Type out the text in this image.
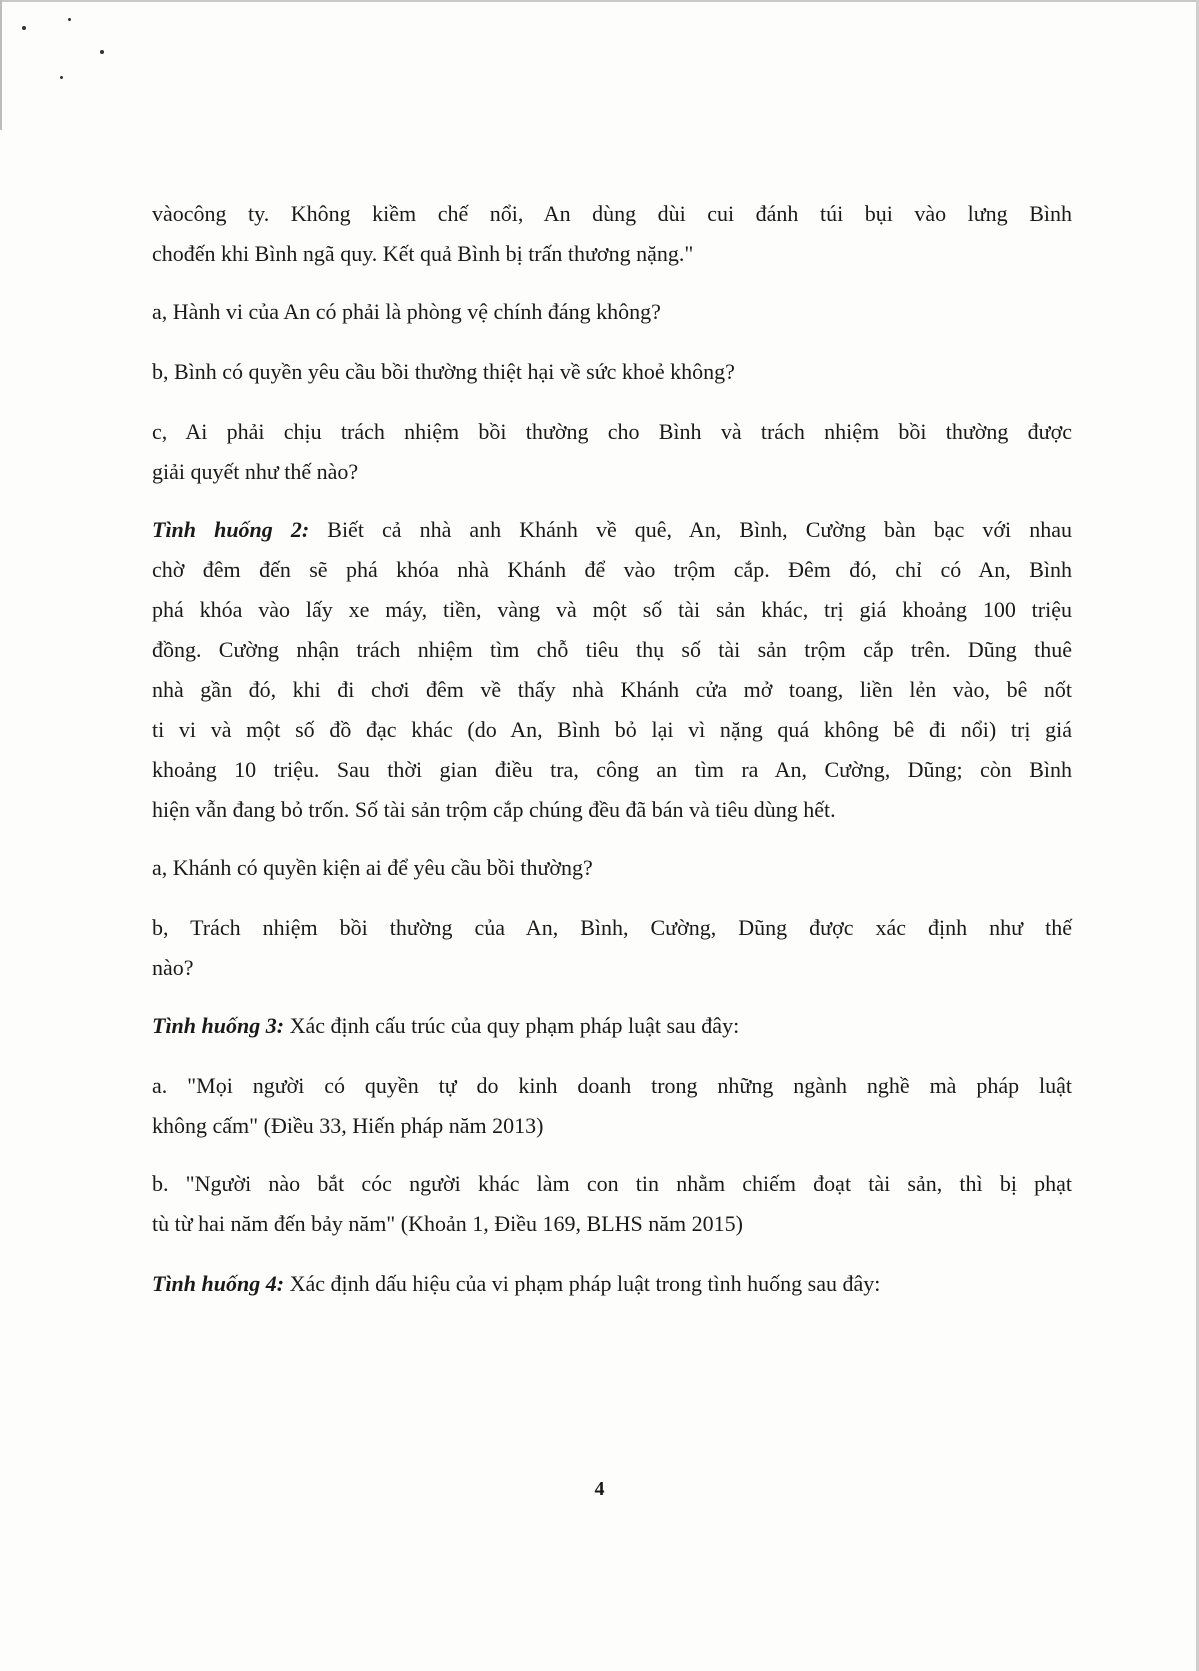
vàocông ty. Không kiềm chế nổi, An dùng dùi cui đánh túi bụi vào lưng Bình
chođến khi Bình ngã quy. Kết quả Bình bị trấn thương nặng."
a, Hành vi của An có phải là phòng vệ chính đáng không?
b, Bình có quyền yêu cầu bồi thường thiệt hại về sức khoẻ không?
c, Ai phải chịu trách nhiệm bồi thường cho Bình và trách nhiệm bồi thường được
giải quyết như thế nào?
Tình huống 2: Biết cả nhà anh Khánh về quê, An, Bình, Cường bàn bạc với nhau
chờ đêm đến sẽ phá khóa nhà Khánh để vào trộm cắp. Đêm đó, chỉ có An, Bình
phá khóa vào lấy xe máy, tiền, vàng và một số tài sản khác, trị giá khoảng 100 triệu
đồng. Cường nhận trách nhiệm tìm chỗ tiêu thụ số tài sản trộm cắp trên. Dũng thuê
nhà gần đó, khi đi chơi đêm về thấy nhà Khánh cửa mở toang, liền lẻn vào, bê nốt
ti vi và một số đồ đạc khác (do An, Bình bỏ lại vì nặng quá không bê đi nổi) trị giá
khoảng 10 triệu. Sau thời gian điều tra, công an tìm ra An, Cường, Dũng; còn Bình
hiện vẫn đang bỏ trốn. Số tài sản trộm cắp chúng đều đã bán và tiêu dùng hết.
a, Khánh có quyền kiện ai để yêu cầu bồi thường?
b, Trách nhiệm bồi thường của An, Bình, Cường, Dũng được xác định như thế
nào?
Tình huống 3: Xác định cấu trúc của quy phạm pháp luật sau đây:
a. "Mọi người có quyền tự do kinh doanh trong những ngành nghề mà pháp luật
không cấm" (Điều 33, Hiến pháp năm 2013)
b. "Người nào bắt cóc người khác làm con tin nhằm chiếm đoạt tài sản, thì bị phạt
tù từ hai năm đến bảy năm" (Khoản 1, Điều 169, BLHS năm 2015)
Tình huống 4: Xác định dấu hiệu của vi phạm pháp luật trong tình huống sau đây:
4
